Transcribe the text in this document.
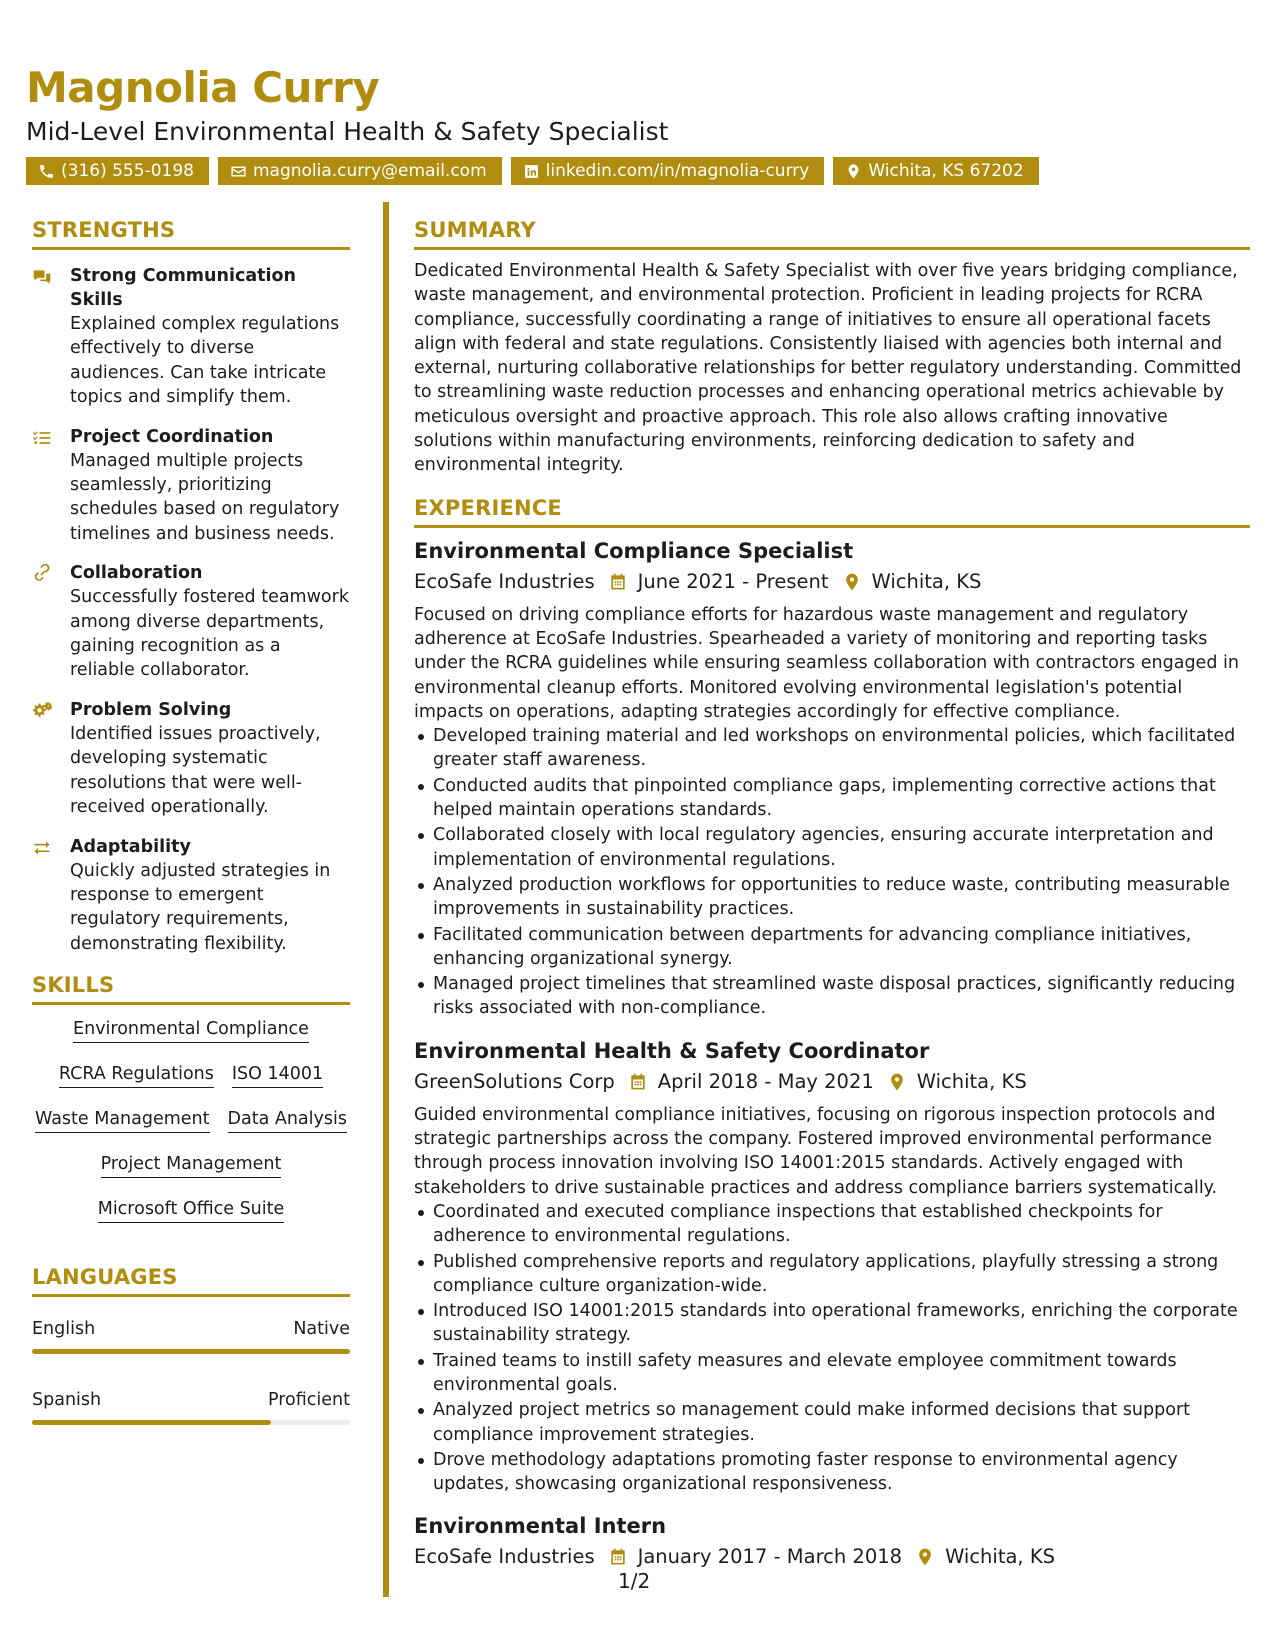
Magnolia Curry
Mid-Level Environmental Health & Safety Specialist
(316) 555-0198	magnolia.curry@email.com	linkedin.com/in/magnolia-curry	Wichita, KS 67202
STRENGTHS
Strong Communication Skills
Explained complex regulations effectively to diverse audiences. Can take intricate topics and simplify them.
Project Coordination
Managed multiple projects seamlessly, prioritizing schedules based on regulatory timelines and business needs.
Collaboration
Successfully fostered teamwork among diverse departments, gaining recognition as a reliable collaborator.
Problem Solving
Identified issues proactively, developing systematic resolutions that were well-received operationally.
Adaptability
Quickly adjusted strategies in response to emergent regulatory requirements, demonstrating flexibility.
SKILLS
Environmental Compliance
RCRA Regulations ISO 14001
Waste Management Data Analysis
Project Management
Microsoft Office Suite
LANGUAGES
English	Native
Spanish	Proficient
SUMMARY
Dedicated Environmental Health & Safety Specialist with over five years bridging compliance, waste management, and environmental protection. Proficient in leading projects for RCRA compliance, successfully coordinating a range of initiatives to ensure all operational facets align with federal and state regulations. Consistently liaised with agencies both internal and external, nurturing collaborative relationships for better regulatory understanding. Committed to streamlining waste reduction processes and enhancing operational metrics achievable by meticulous oversight and proactive approach. This role also allows crafting innovative solutions within manufacturing environments, reinforcing dedication to safety and environmental integrity.
EXPERIENCE
Environmental Compliance Specialist
EcoSafe Industries June 2021 - Present Wichita, KS
Focused on driving compliance efforts for hazardous waste management and regulatory adherence at EcoSafe Industries. Spearheaded a variety of monitoring and reporting tasks under the RCRA guidelines while ensuring seamless collaboration with contractors engaged in environmental cleanup efforts. Monitored evolving environmental legislation's potential impacts on operations, adapting strategies accordingly for effective compliance.
Developed training material and led workshops on environmental policies, which facilitated greater staff awareness.
Conducted audits that pinpointed compliance gaps, implementing corrective actions that helped maintain operations standards.
Collaborated closely with local regulatory agencies, ensuring accurate interpretation and implementation of environmental regulations.
Analyzed production workflows for opportunities to reduce waste, contributing measurable improvements in sustainability practices.
Facilitated communication between departments for advancing compliance initiatives, enhancing organizational synergy.
Managed project timelines that streamlined waste disposal practices, significantly reducing risks associated with non-compliance.
Environmental Health & Safety Coordinator
GreenSolutions Corp April 2018 - May 2021 Wichita, KS
Guided environmental compliance initiatives, focusing on rigorous inspection protocols and strategic partnerships across the company. Fostered improved environmental performance through process innovation involving ISO 14001:2015 standards. Actively engaged with stakeholders to drive sustainable practices and address compliance barriers systematically.
Coordinated and executed compliance inspections that established checkpoints for adherence to environmental regulations.
Published comprehensive reports and regulatory applications, playfully stressing a strong compliance culture organization-wide.
Introduced ISO 14001:2015 standards into operational frameworks, enriching the corporate sustainability strategy.
Trained teams to instill safety measures and elevate employee commitment towards environmental goals.
Analyzed project metrics so management could make informed decisions that support compliance improvement strategies.
Drove methodology adaptations promoting faster response to environmental agency updates, showcasing organizational responsiveness.
Environmental Intern
EcoSafe Industries January 2017 - March 2018 Wichita, KS
1/2
